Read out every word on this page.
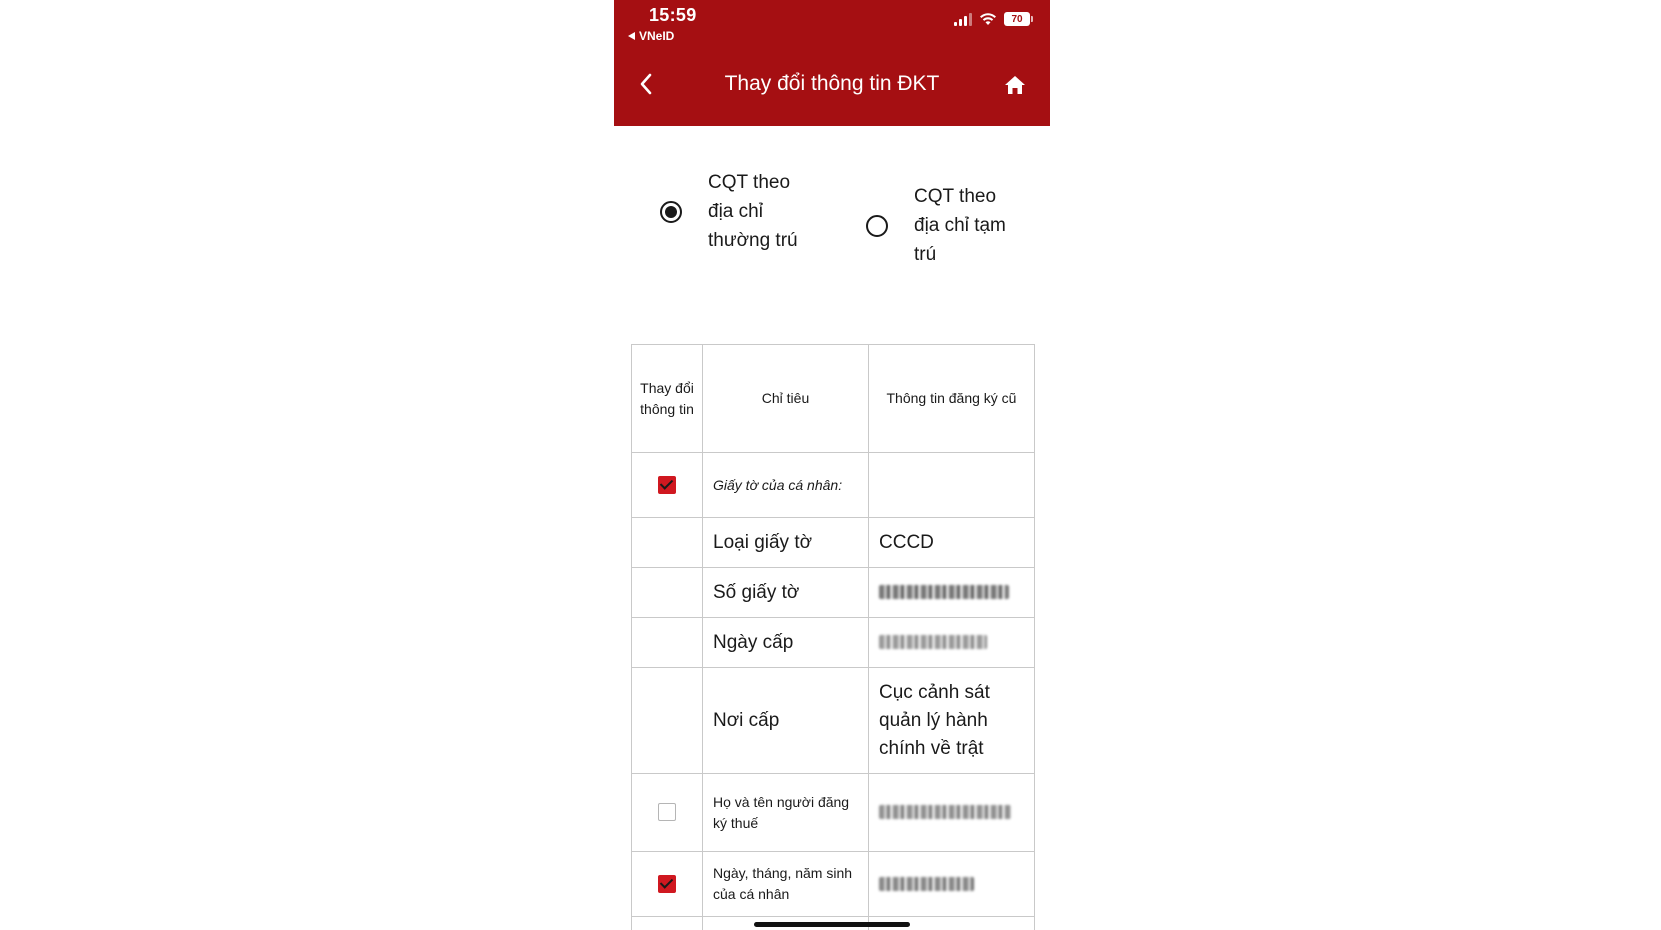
15:59
VNeID
70
Thay đổi thông tin ĐKT
CQT theo địa chỉ thường trú
CQT theo địa chỉ tạm trú
Thay đổi thông tin	Chỉ tiêu	Thông tin đăng ký cũ
	Giấy tờ của cá nhân:	
	Loại giấy tờ	CCCD
	Số giấy tờ	
	Ngày cấp	
	Nơi cấp	Cục cảnh sát quản lý hành chính về trật
	Họ và tên người đăng ký thuế	
	Ngày, tháng, năm sinh của cá nhân	
